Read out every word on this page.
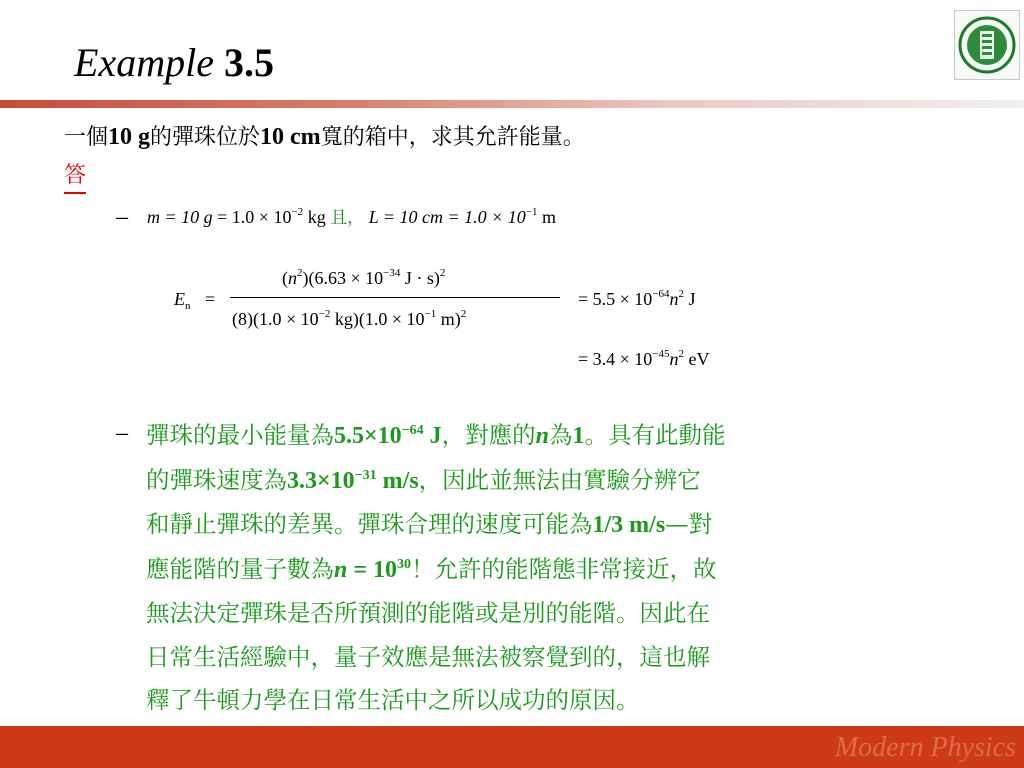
Example 3.5
一個10 g的彈珠位於10 cm寬的箱中，求其允許能量。
答
– m = 10 $g = 1.0 \times 10^{-2}$ kg 且， L = 10 cm = $1.0 \times 10^{-1}$ m
$E_n$ =
$(n^2)(6.63 \times 10^{-34}$ J · s)$^2$
$(8)(1.0 \times 10^{-2}$ $kg)(1.0 \times 10^{-1}$ m)$^2$
= $5.5 \times 10^{-64}n^2$ J
= $3.4 \times 10^{-45}n^2$ eV
– 彈珠的最小能量為$5.5\times 10^{-64}$ J，對應的n為1。具有此動能
的彈珠速度為$3.3\times 10^{-31}$ m/s，因此並無法由實驗分辨它
和靜止彈珠的差異。彈珠合理的速度可能為1/3 m/s—對
應能階的量子數為$n = 10^{30}$！允許的能階態非常接近，故
無法決定彈珠是否所預測的能階或是別的能階。因此在
日常生活經驗中，量子效應是無法被察覺到的，這也解
釋了牛頓力學在日常生活中之所以成功的原因。
Modern Physics
